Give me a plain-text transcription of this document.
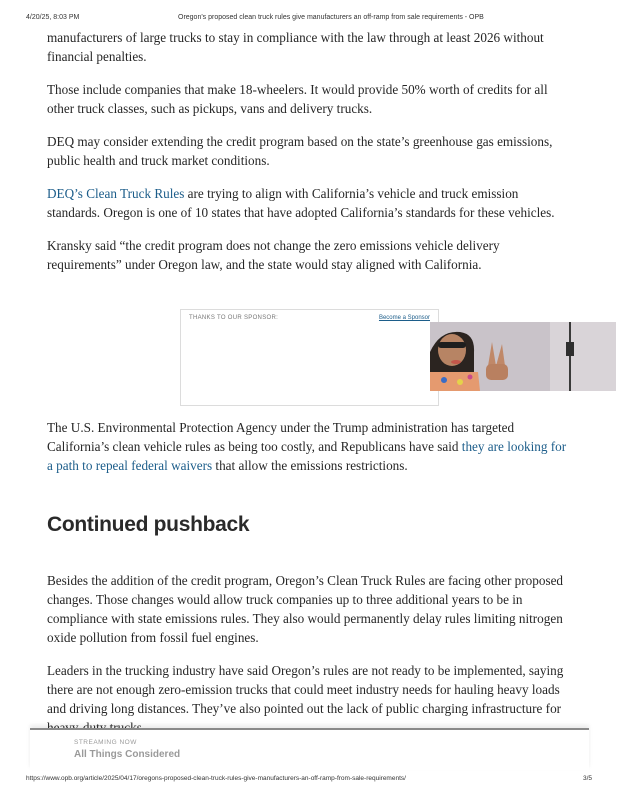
4/20/25, 8:03 PM	Oregon's proposed clean truck rules give manufacturers an off-ramp from sale requirements - OPB

manufacturers of large trucks to stay in compliance with the law through at least 2026 without financial penalties.

Those include companies that make 18-wheelers. It would provide 50% worth of credits for all other truck classes, such as pickups, vans and delivery trucks.

DEQ may consider extending the credit program based on the state’s greenhouse gas emissions, public health and truck market conditions.

DEQ’s Clean Truck Rules are trying to align with California’s vehicle and truck emission standards. Oregon is one of 10 states that have adopted California’s standards for these vehicles.

Kransky said “the credit program does not change the zero emissions vehicle delivery requirements” under Oregon law, and the state would stay aligned with California.

THANKS TO OUR SPONSOR:	Become a Sponsor

The U.S. Environmental Protection Agency under the Trump administration has targeted California’s clean vehicle rules as being too costly, and Republicans have said they are looking for a path to repeal federal waivers that allow the emissions restrictions.

Continued pushback

Besides the addition of the credit program, Oregon’s Clean Truck Rules are facing other proposed changes. Those changes would allow truck companies up to three additional years to be in compliance with state emissions rules. They also would permanently delay rules limiting nitrogen oxide pollution from fossil fuel engines.

Leaders in the trucking industry have said Oregon’s rules are not ready to be implemented, saying there are not enough zero-emission trucks that could meet industry needs for hauling heavy loads and driving long distances. They’ve also pointed out the lack of public charging infrastructure for

STREAMING NOW
All Things Considered
https://www.opb.org/article/2025/04/17/oregons-proposed-clean-truck-rules-give-manufacturers-an-off-ramp-from-sale-requirements/	3/5
